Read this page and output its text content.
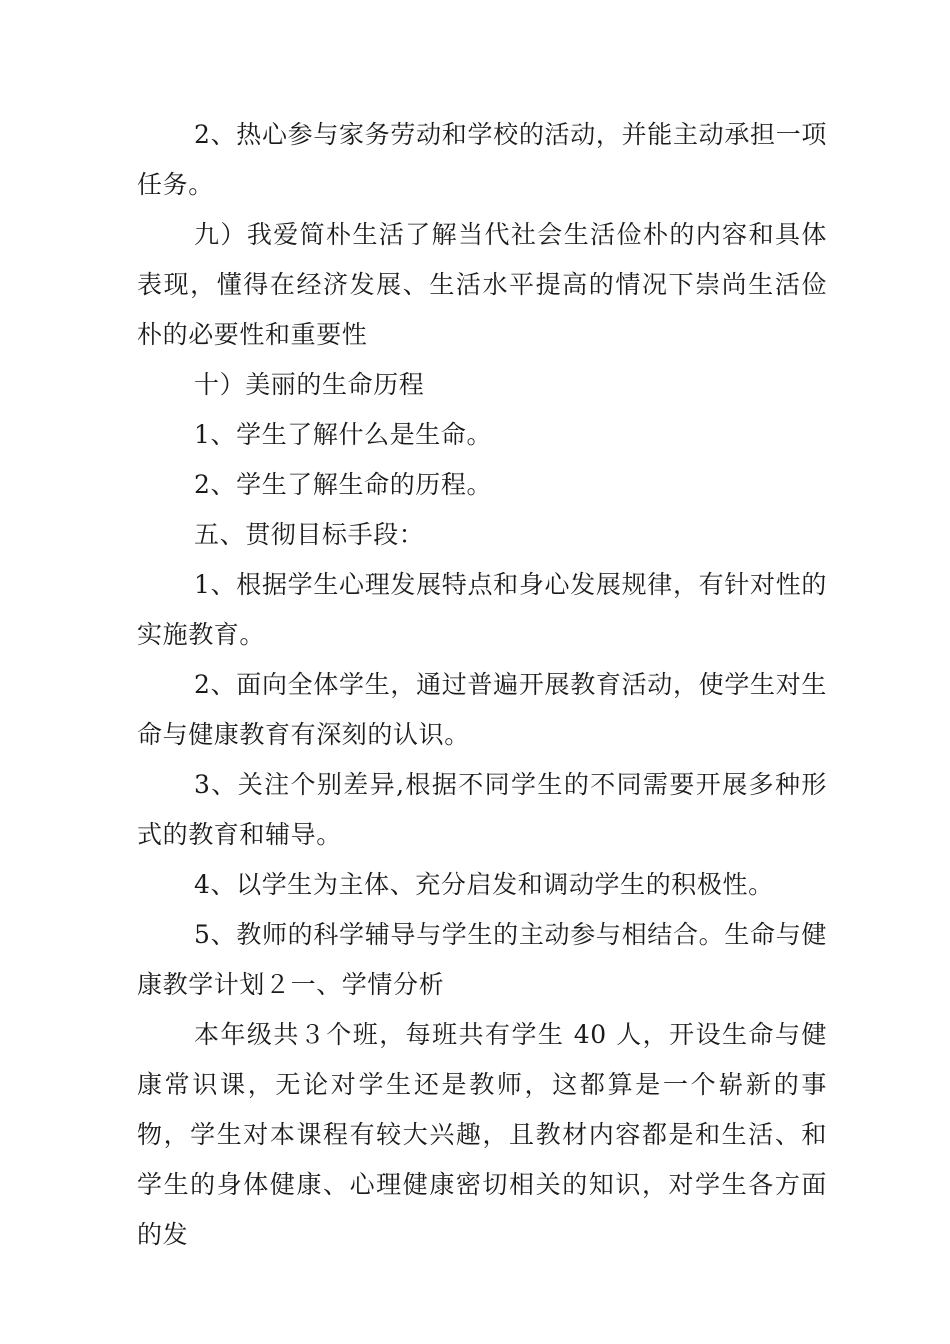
2、热心参与家务劳动和学校的活动，并能主动承担一项任务。

九）我爱简朴生活了解当代社会生活俭朴的内容和具体表现，懂得在经济发展、生活水平提高的情况下崇尚生活俭朴的必要性和重要性

十）美丽的生命历程

1、学生了解什么是生命。

2、学生了解生命的历程。

五、贯彻目标手段：

1、根据学生心理发展特点和身心发展规律，有针对性的实施教育。

2、面向全体学生，通过普遍开展教育活动，使学生对生命与健康教育有深刻的认识。

3、关注个别差异,根据不同学生的不同需要开展多种形式的教育和辅导。

4、以学生为主体、充分启发和调动学生的积极性。

5、教师的科学辅导与学生的主动参与相结合。生命与健康教学计划２一、学情分析

本年级共３个班，每班共有学生 40 人，开设生命与健康常识课，无论对学生还是教师，这都算是一个崭新的事物，学生对本课程有较大兴趣，且教材内容都是和生活、和学生的身体健康、心理健康密切相关的知识，对学生各方面的发
